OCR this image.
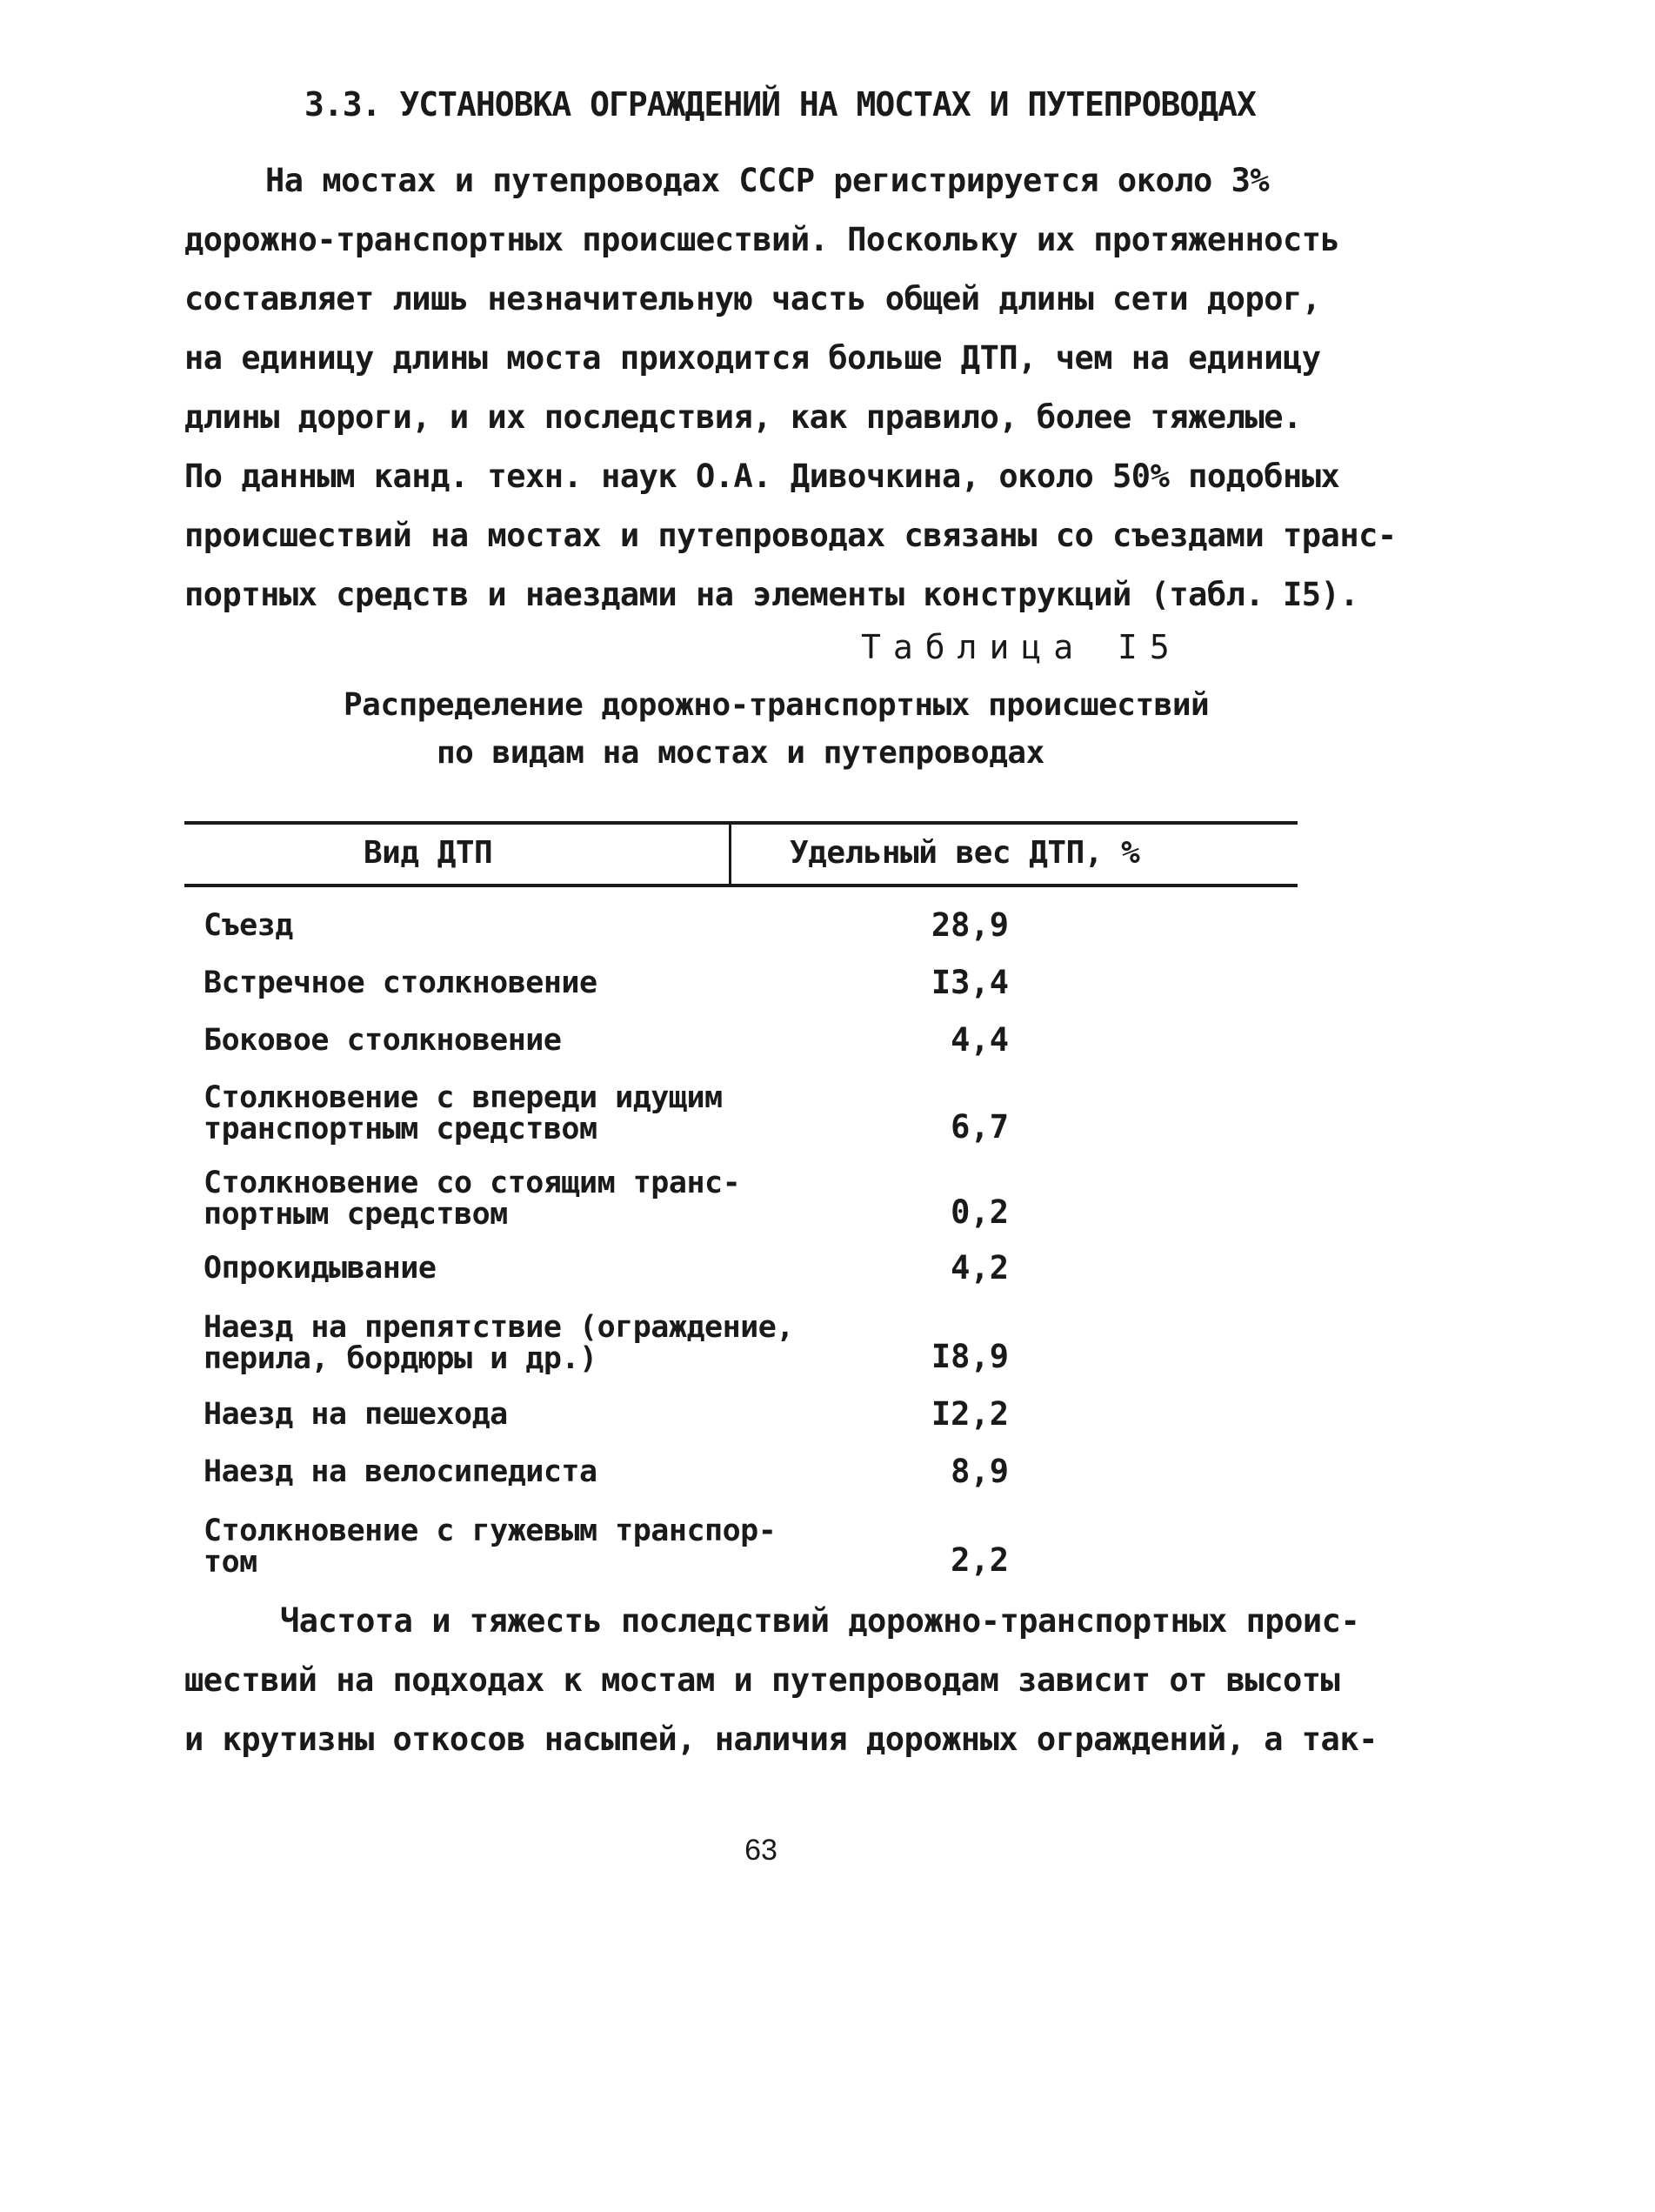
3.3. УСТАНОВКА ОГРАЖДЕНИЙ НА МОСТАХ И ПУТЕПРОВОДАХ
На мостах и путепроводах СССР регистрируется около 3%
дорожно-транспортных происшествий. Поскольку их протяженность
составляет лишь незначительную часть общей длины сети дорог,
на единицу длины моста приходится больше ДТП, чем на единицу
длины дороги, и их последствия, как правило, более тяжелые.
По данным канд. техн. наук О.А. Дивочкина, около 50% подобных
происшествий на мостах и путепроводах связаны со съездами транс-
портных средств и наездами на элементы конструкций (табл. I5).
Таблица I5
Распределение дорожно-транспортных происшествий
по видам на мостах и путепроводах
Вид ДТП	Удельный вес ДТП, %
Съезд	28,9
Встречное столкновение	I3,4
Боковое столкновение	4,4
Столкновение с впереди идущим
транспортным средством	6,7
Столкновение со стоящим транс-
портным средством	0,2
Опрокидывание	4,2
Наезд на препятствие (ограждение,
перила, бордюры и др.)	I8,9
Наезд на пешехода	I2,2
Наезд на велосипедиста	8,9
Столкновение с гужевым транспор-
том	2,2
Частота и тяжесть последствий дорожно-транспортных проис-
шествий на подходах к мостам и путепроводам зависит от высоты
и крутизны откосов насыпей, наличия дорожных ограждений, а так-
63
